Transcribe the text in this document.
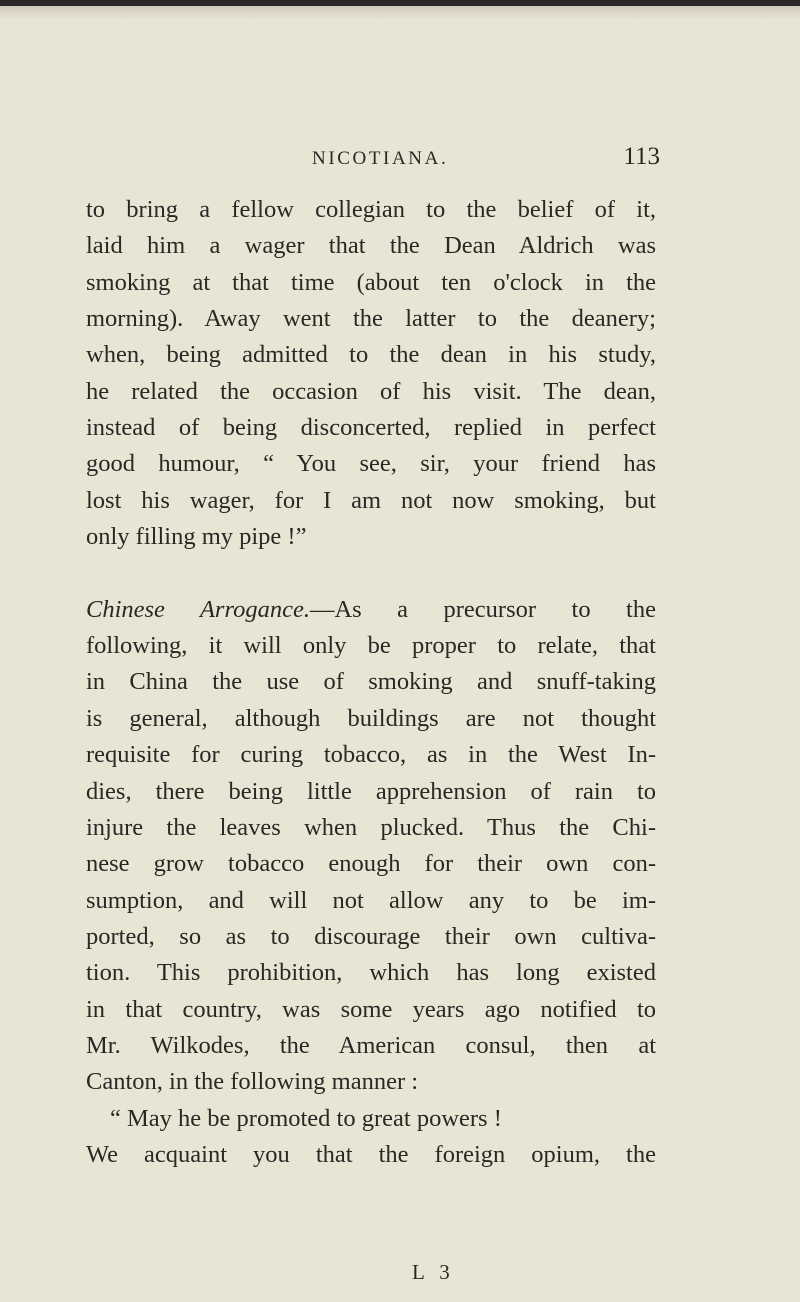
NICOTIANA.	113
to bring a fellow collegian to the belief of it,
laid him a wager that the Dean Aldrich was
smoking at that time (about ten o'clock in the
morning). Away went the latter to the deanery;
when, being admitted to the dean in his study,
he related the occasion of his visit. The dean,
instead of being disconcerted, replied in perfect
good humour, “ You see, sir, your friend has
lost his wager, for I am not now smoking, but
only filling my pipe !”
Chinese Arrogance.—As a precursor to the
following, it will only be proper to relate, that
in China the use of smoking and snuff-taking
is general, although buildings are not thought
requisite for curing tobacco, as in the West In-
dies, there being little apprehension of rain to
injure the leaves when plucked. Thus the Chi-
nese grow tobacco enough for their own con-
sumption, and will not allow any to be im-
ported, so as to discourage their own cultiva-
tion. This prohibition, which has long existed
in that country, was some years ago notified to
Mr. Wilkodes, the American consul, then at
Canton, in the following manner :
“ May he be promoted to great powers !
We acquaint you that the foreign opium, the
L 3
